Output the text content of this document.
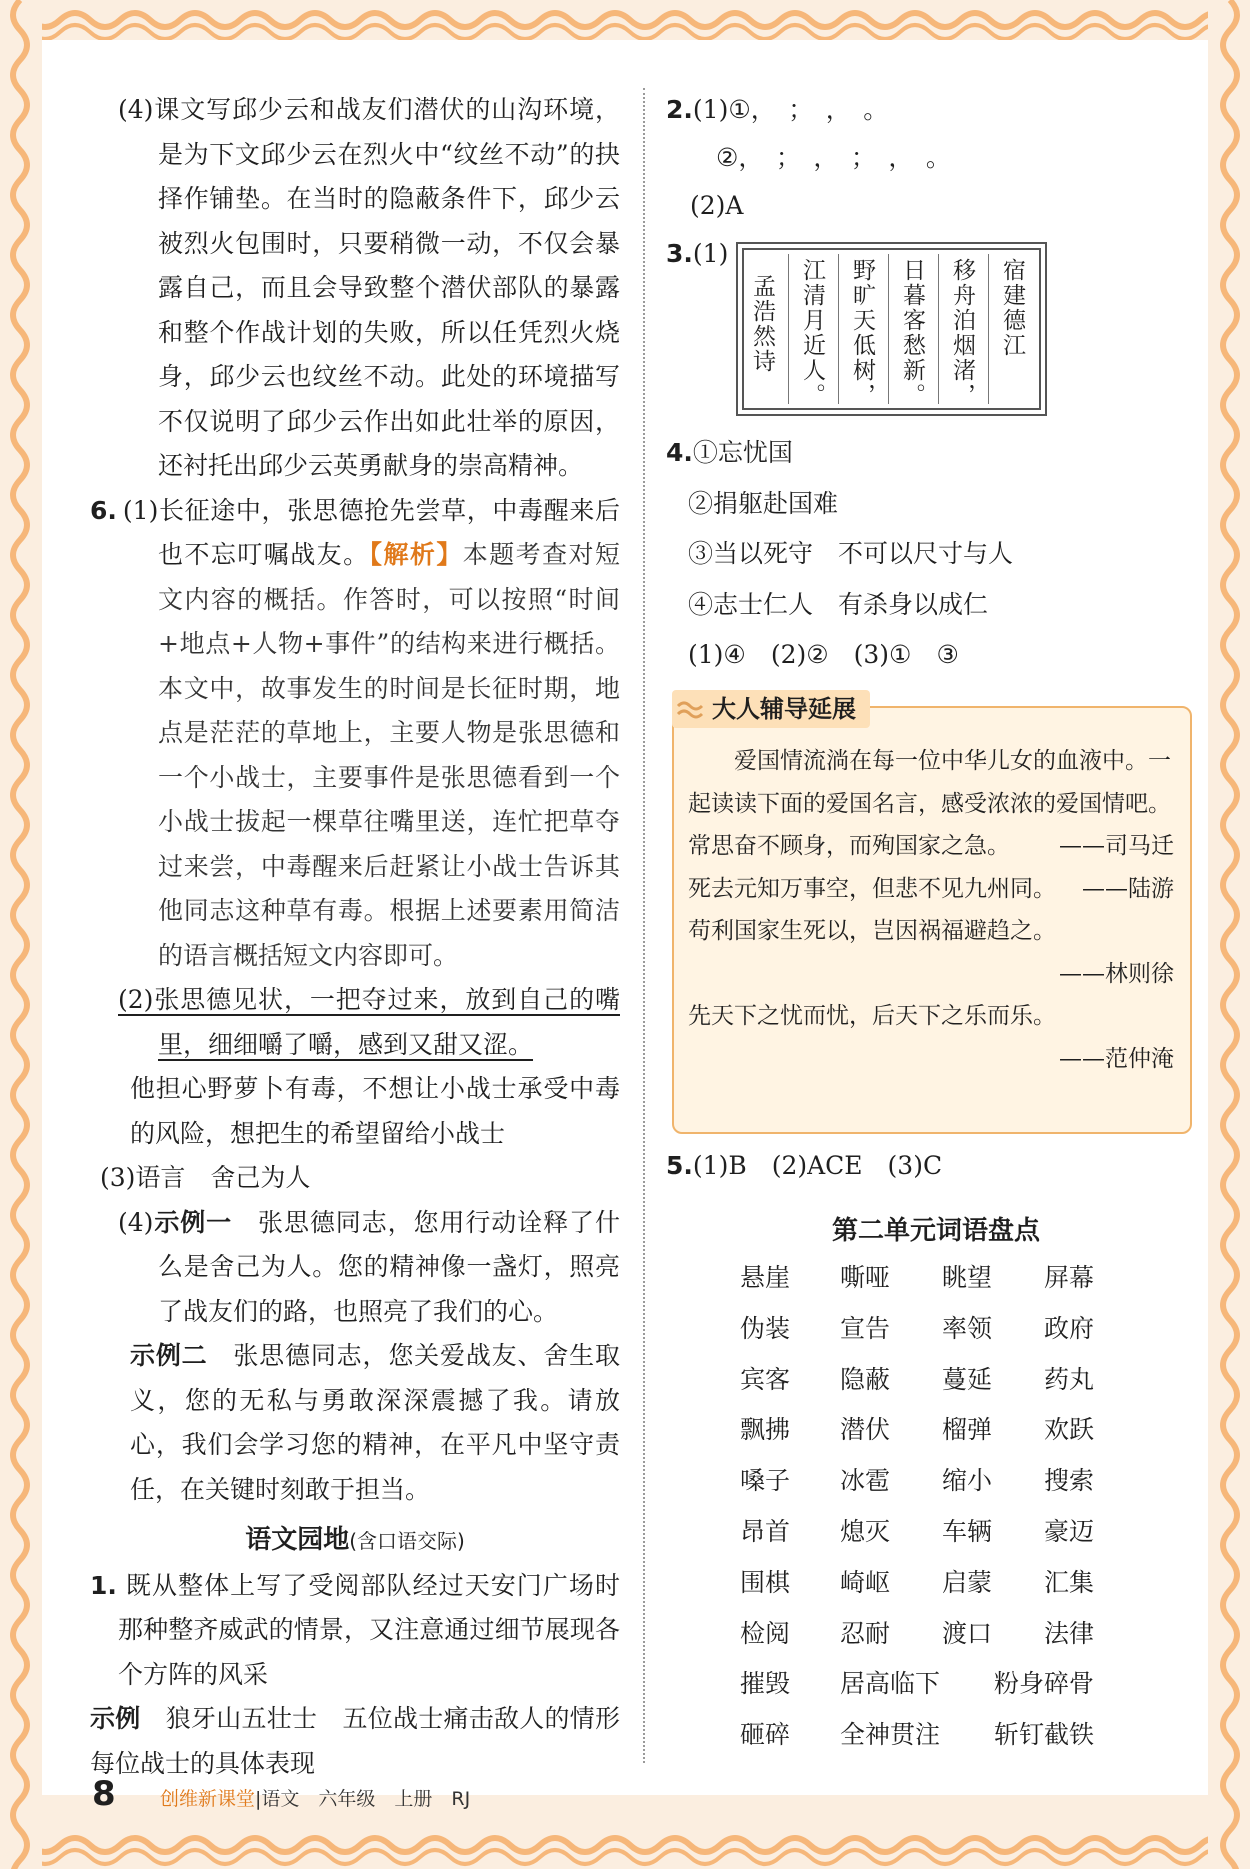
(4)课文写邱少云和战友们潜伏的山沟环境，是为下文邱少云在烈火中“纹丝不动”的抉择作铺垫。在当时的隐蔽条件下，邱少云被烈火包围时，只要稍微一动，不仅会暴露自己，而且会导致整个潜伏部队的暴露和整个作战计划的失败，所以任凭烈火烧身，邱少云也纹丝不动。此处的环境描写不仅说明了邱少云作出如此壮举的原因，还衬托出邱少云英勇献身的崇高精神。

6. (1)长征途中，张思德抢先尝草，中毒醒来后也不忘叮嘱战友。【解析】本题考查对短文内容的概括。作答时，可以按照“时间+地点+人物+事件”的结构来进行概括。本文中，故事发生的时间是长征时期，地点是茫茫的草地上，主要人物是张思德和一个小战士，主要事件是张思德看到一个小战士拔起一棵草往嘴里送，连忙把草夺过来尝，中毒醒来后赶紧让小战士告诉其他同志这种草有毒。根据上述要素用简洁的语言概括短文内容即可。

(2)张思德见状，一把夺过来，放到自己的嘴里，细细嚼了嚼，感到又甜又涩。

他担心野萝卜有毒，不想让小战士承受中毒的风险，想把生的希望留给小战士

(3)语言　舍己为人

(4)示例一　 张思德同志，您用行动诠释了什么是舍己为人。您的精神像一盏灯，照亮了战友们的路，也照亮了我们的心。

示例二　 张思德同志，您关爱战友、舍生取义，您的无私与勇敢深深震撼了我。请放心，我们会学习您的精神，在平凡中坚守责任，在关键时刻敢于担当。

语文园地(含口语交际)

1. 既从整体上写了受阅部队经过天安门广场时那种整齐威武的情景，又注意通过细节展现各个方阵的风采

示例　 狼牙山五壮士　五位战士痛击敌人的情形　每位战士的具体表现

2.(1)①，　；　，　。

②，　；　，　；　，　。

(2)A

3.(1)

宿建德江
移舟泊烟渚，
日暮客愁新。
野旷天低树，
江清月近人。
孟浩然诗

4.①忘忧国

②捐躯赴国难

③当以死守　不可以尺寸与人

④志士仁人　有杀身以成仁

(1)④　(2)②　(3)①　③

大人辅导延展

爱国情流淌在每一位中华儿女的血液中。一起读读下面的爱国名言，感受浓浓的爱国情吧。

常思奋不顾身，而殉国家之急。 ——司马迁

死去元知万事空，但悲不见九州同。 ——陆游

苟利国家生死以，岂因祸福避趋之。

——林则徐

先天下之忧而忧，后天下之乐而乐。

——范仲淹

5.(1)B　(2)ACE　(3)C
第二单元词语盘点
悬崖 嘶哑 眺望 屏幕
伪装 宣告 率领 政府
宾客 隐蔽 蔓延 药丸
飘拂 潜伏 榴弹 欢跃
嗓子 冰雹 缩小 搜索
昂首 熄灭 车辆 豪迈
围棋 崎岖 启蒙 汇集
检阅 忍耐 渡口 法律
摧毁 居高临下 粉身碎骨
砸碎 全神贯注 斩钉截铁
8 创维新课堂|语文　六年级　上册　RJ
